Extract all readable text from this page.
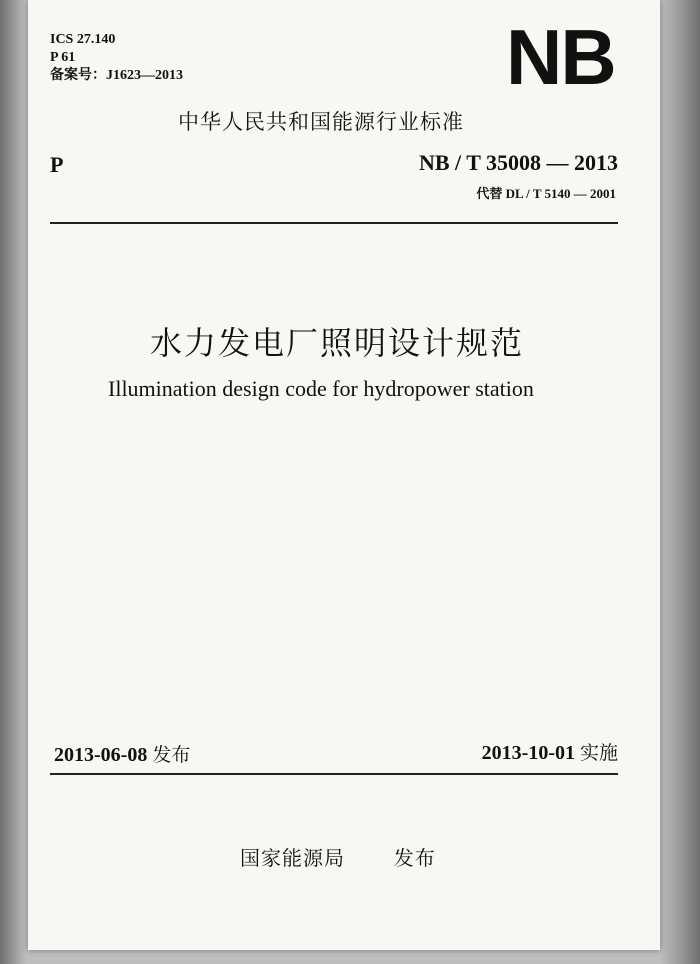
ICS 27.140
P 61
备案号：J1623—2013	NB
中华人民共和国能源行业标准
P	NB / T 35008 — 2013
代替 DL / T 5140 — 2001
水力发电厂照明设计规范
Illumination design code for hydropower station
2013-06-08 发布	2013-10-01 实施
国家能源局 发布
